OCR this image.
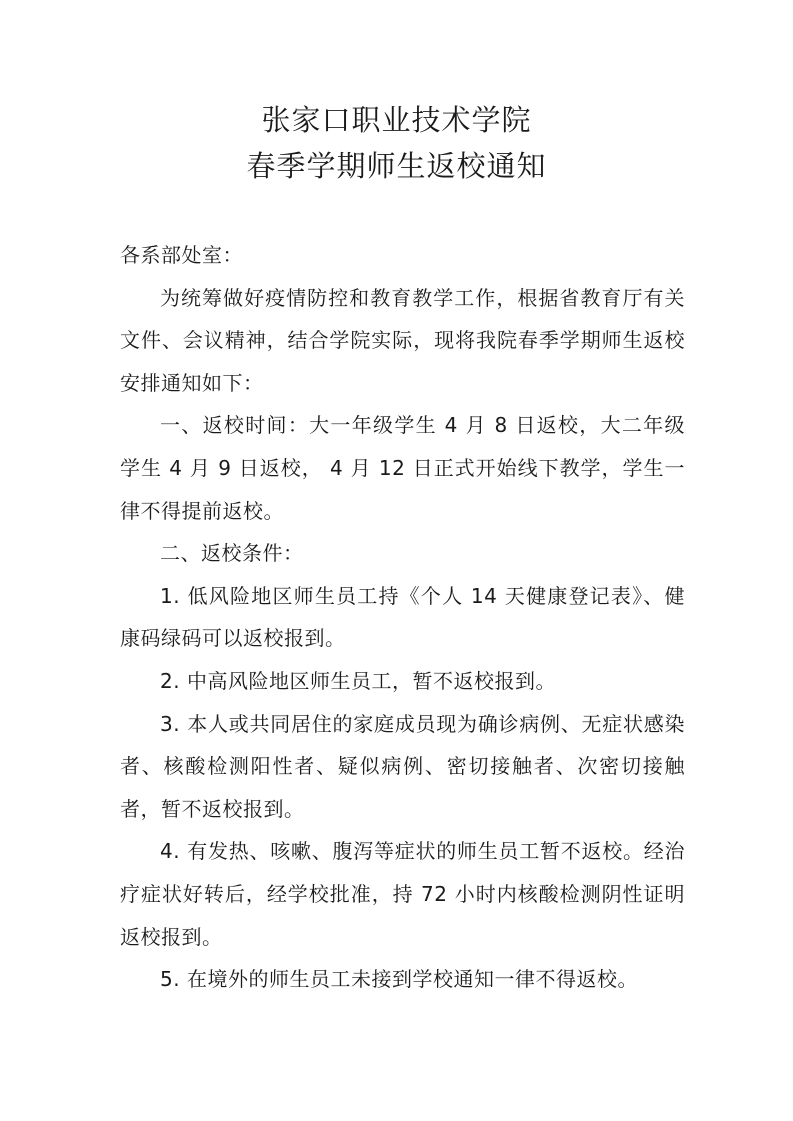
张家口职业技术学院
春季学期师生返校通知

各系部处室：

为统筹做好疫情防控和教育教学工作，根据省教育厅有关文件、会议精神，结合学院实际，现将我院春季学期师生返校安排通知如下：

一、返校时间：大一年级学生 4 月 8 日返校，大二年级学生 4 月 9 日返校， 4 月 12 日正式开始线下教学，学生一律不得提前返校。

二、返校条件：

1. 低风险地区师生员工持《个人 14 天健康登记表》、健康码绿码可以返校报到。

2. 中高风险地区师生员工，暂不返校报到。

3. 本人或共同居住的家庭成员现为确诊病例、无症状感染者、核酸检测阳性者、疑似病例、密切接触者、次密切接触者，暂不返校报到。

4. 有发热、咳嗽、腹泻等症状的师生员工暂不返校。经治疗症状好转后，经学校批准，持 72 小时内核酸检测阴性证明返校报到。

5. 在境外的师生员工未接到学校通知一律不得返校。
